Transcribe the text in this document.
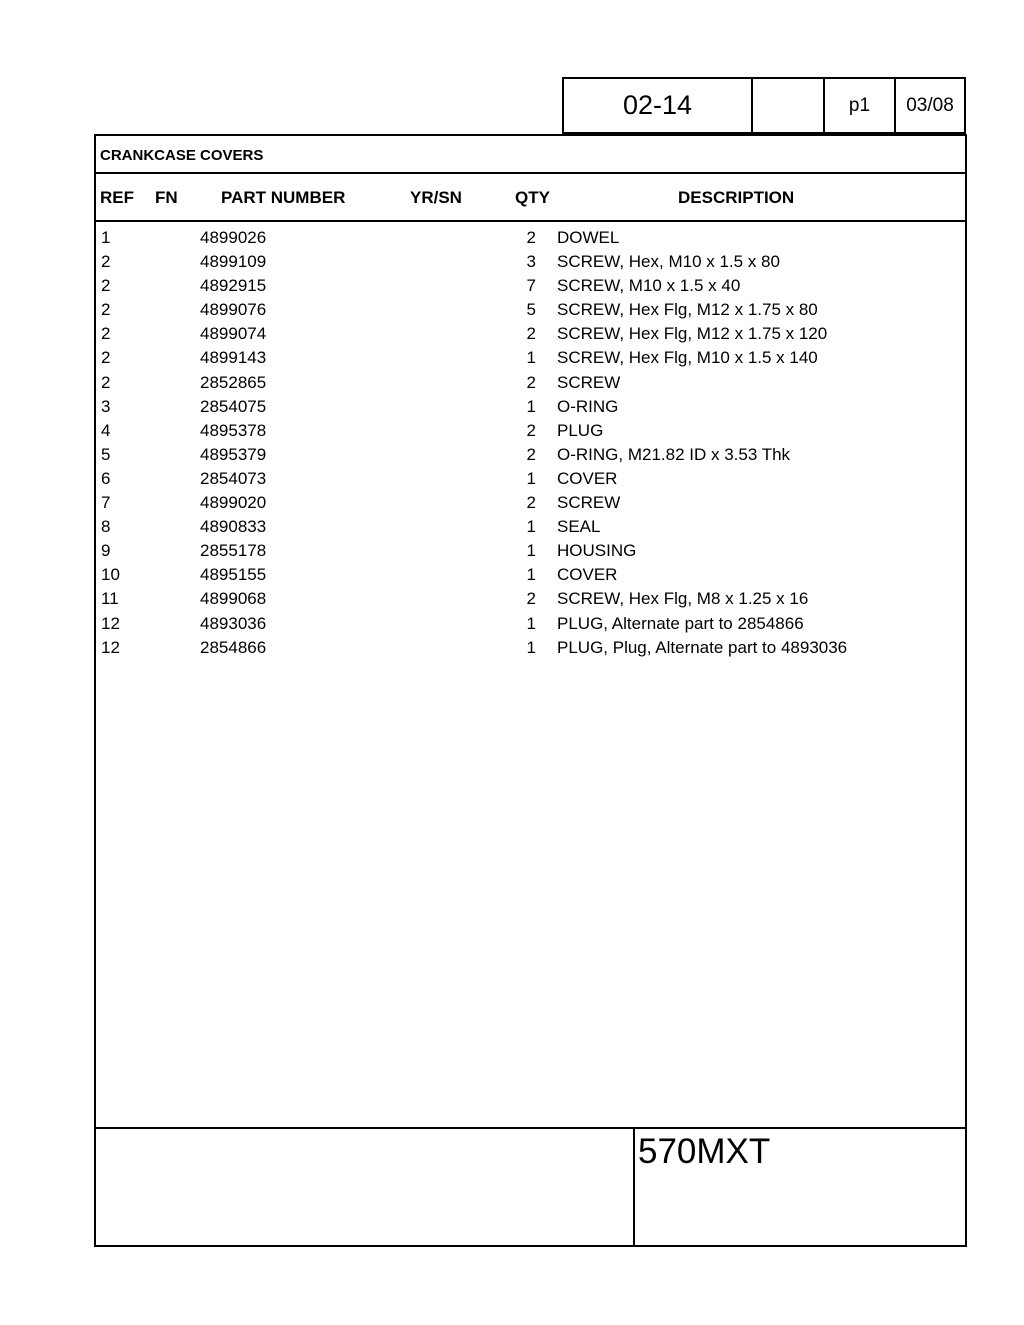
02-14	p1	03/08
CRANKCASE COVERS
REF FN	PART NUMBER	YR/SN	QTY	DESCRIPTION
1	4899026	2 DOWEL
2	4899109	3 SCREW, Hex, M10 x 1.5 x 80
2	4892915	7 SCREW, M10 x 1.5 x 40
2	4899076	5 SCREW, Hex Flg, M12 x 1.75 x 80
2	4899074	2 SCREW, Hex Flg, M12 x 1.75 x 120
2	4899143	1 SCREW, Hex Flg, M10 x 1.5 x 140
2	2852865	2 SCREW
3	2854075	1 O-RING
4	4895378	2 PLUG
5	4895379	2 O-RING, M21.82 ID x 3.53 Thk
6	2854073	1 COVER
7	4899020	2 SCREW
8	4890833	1 SEAL
9	2855178	1 HOUSING
10	4895155	1 COVER
11	4899068	2 SCREW, Hex Flg, M8 x 1.25 x 16
12	4893036	1 PLUG, Alternate part to 2854866
12	2854866	1 PLUG, Plug, Alternate part to 4893036
570MXT
